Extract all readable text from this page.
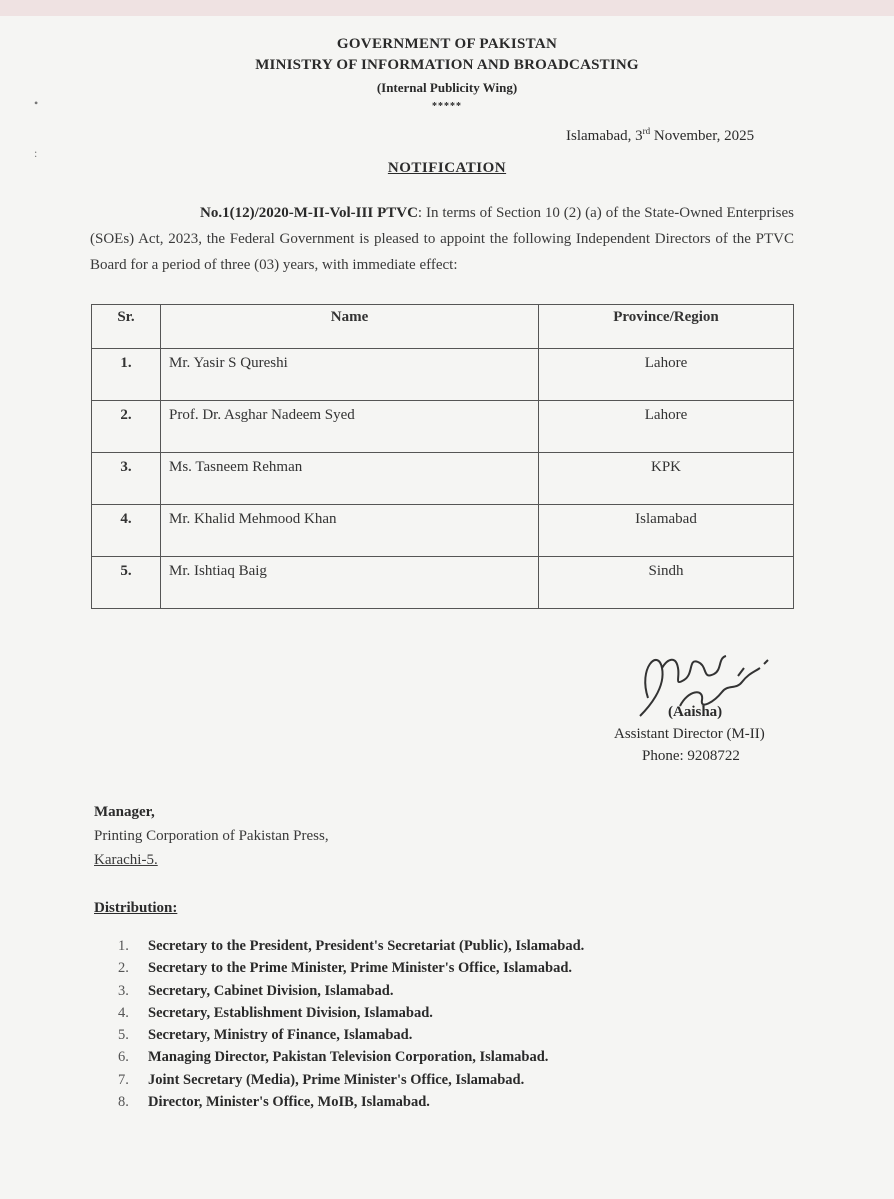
GOVERNMENT OF PAKISTAN
MINISTRY OF INFORMATION AND BROADCASTING
(Internal Publicity Wing)
*****
•
:
Islamabad, 3rd November, 2025
NOTIFICATION
No.1(12)/2020-M-II-Vol-III PTVC: In terms of Section 10 (2) (a) of the State-Owned Enterprises (SOEs) Act, 2023, the Federal Government is pleased to appoint the following Independent Directors of the PTVC Board for a period of three (03) years, with immediate effect:
Sr.	Name	Province/Region
1.	Mr. Yasir S Qureshi	Lahore
2.	Prof. Dr. Asghar Nadeem Syed	Lahore
3.	Ms. Tasneem Rehman	KPK
4.	Mr. Khalid Mehmood Khan	Islamabad
5.	Mr. Ishtiaq Baig	Sindh
(Aaisha)
Assistant Director (M-II)
Phone: 9208722
Manager,
Printing Corporation of Pakistan Press,
Karachi-5.
Distribution:
1. Secretary to the President, President's Secretariat (Public), Islamabad.
2. Secretary to the Prime Minister, Prime Minister's Office, Islamabad.
3. Secretary, Cabinet Division, Islamabad.
4. Secretary, Establishment Division, Islamabad.
5. Secretary, Ministry of Finance, Islamabad.
6. Managing Director, Pakistan Television Corporation, Islamabad.
7. Joint Secretary (Media), Prime Minister's Office, Islamabad.
8. Director, Minister's Office, MoIB, Islamabad.
